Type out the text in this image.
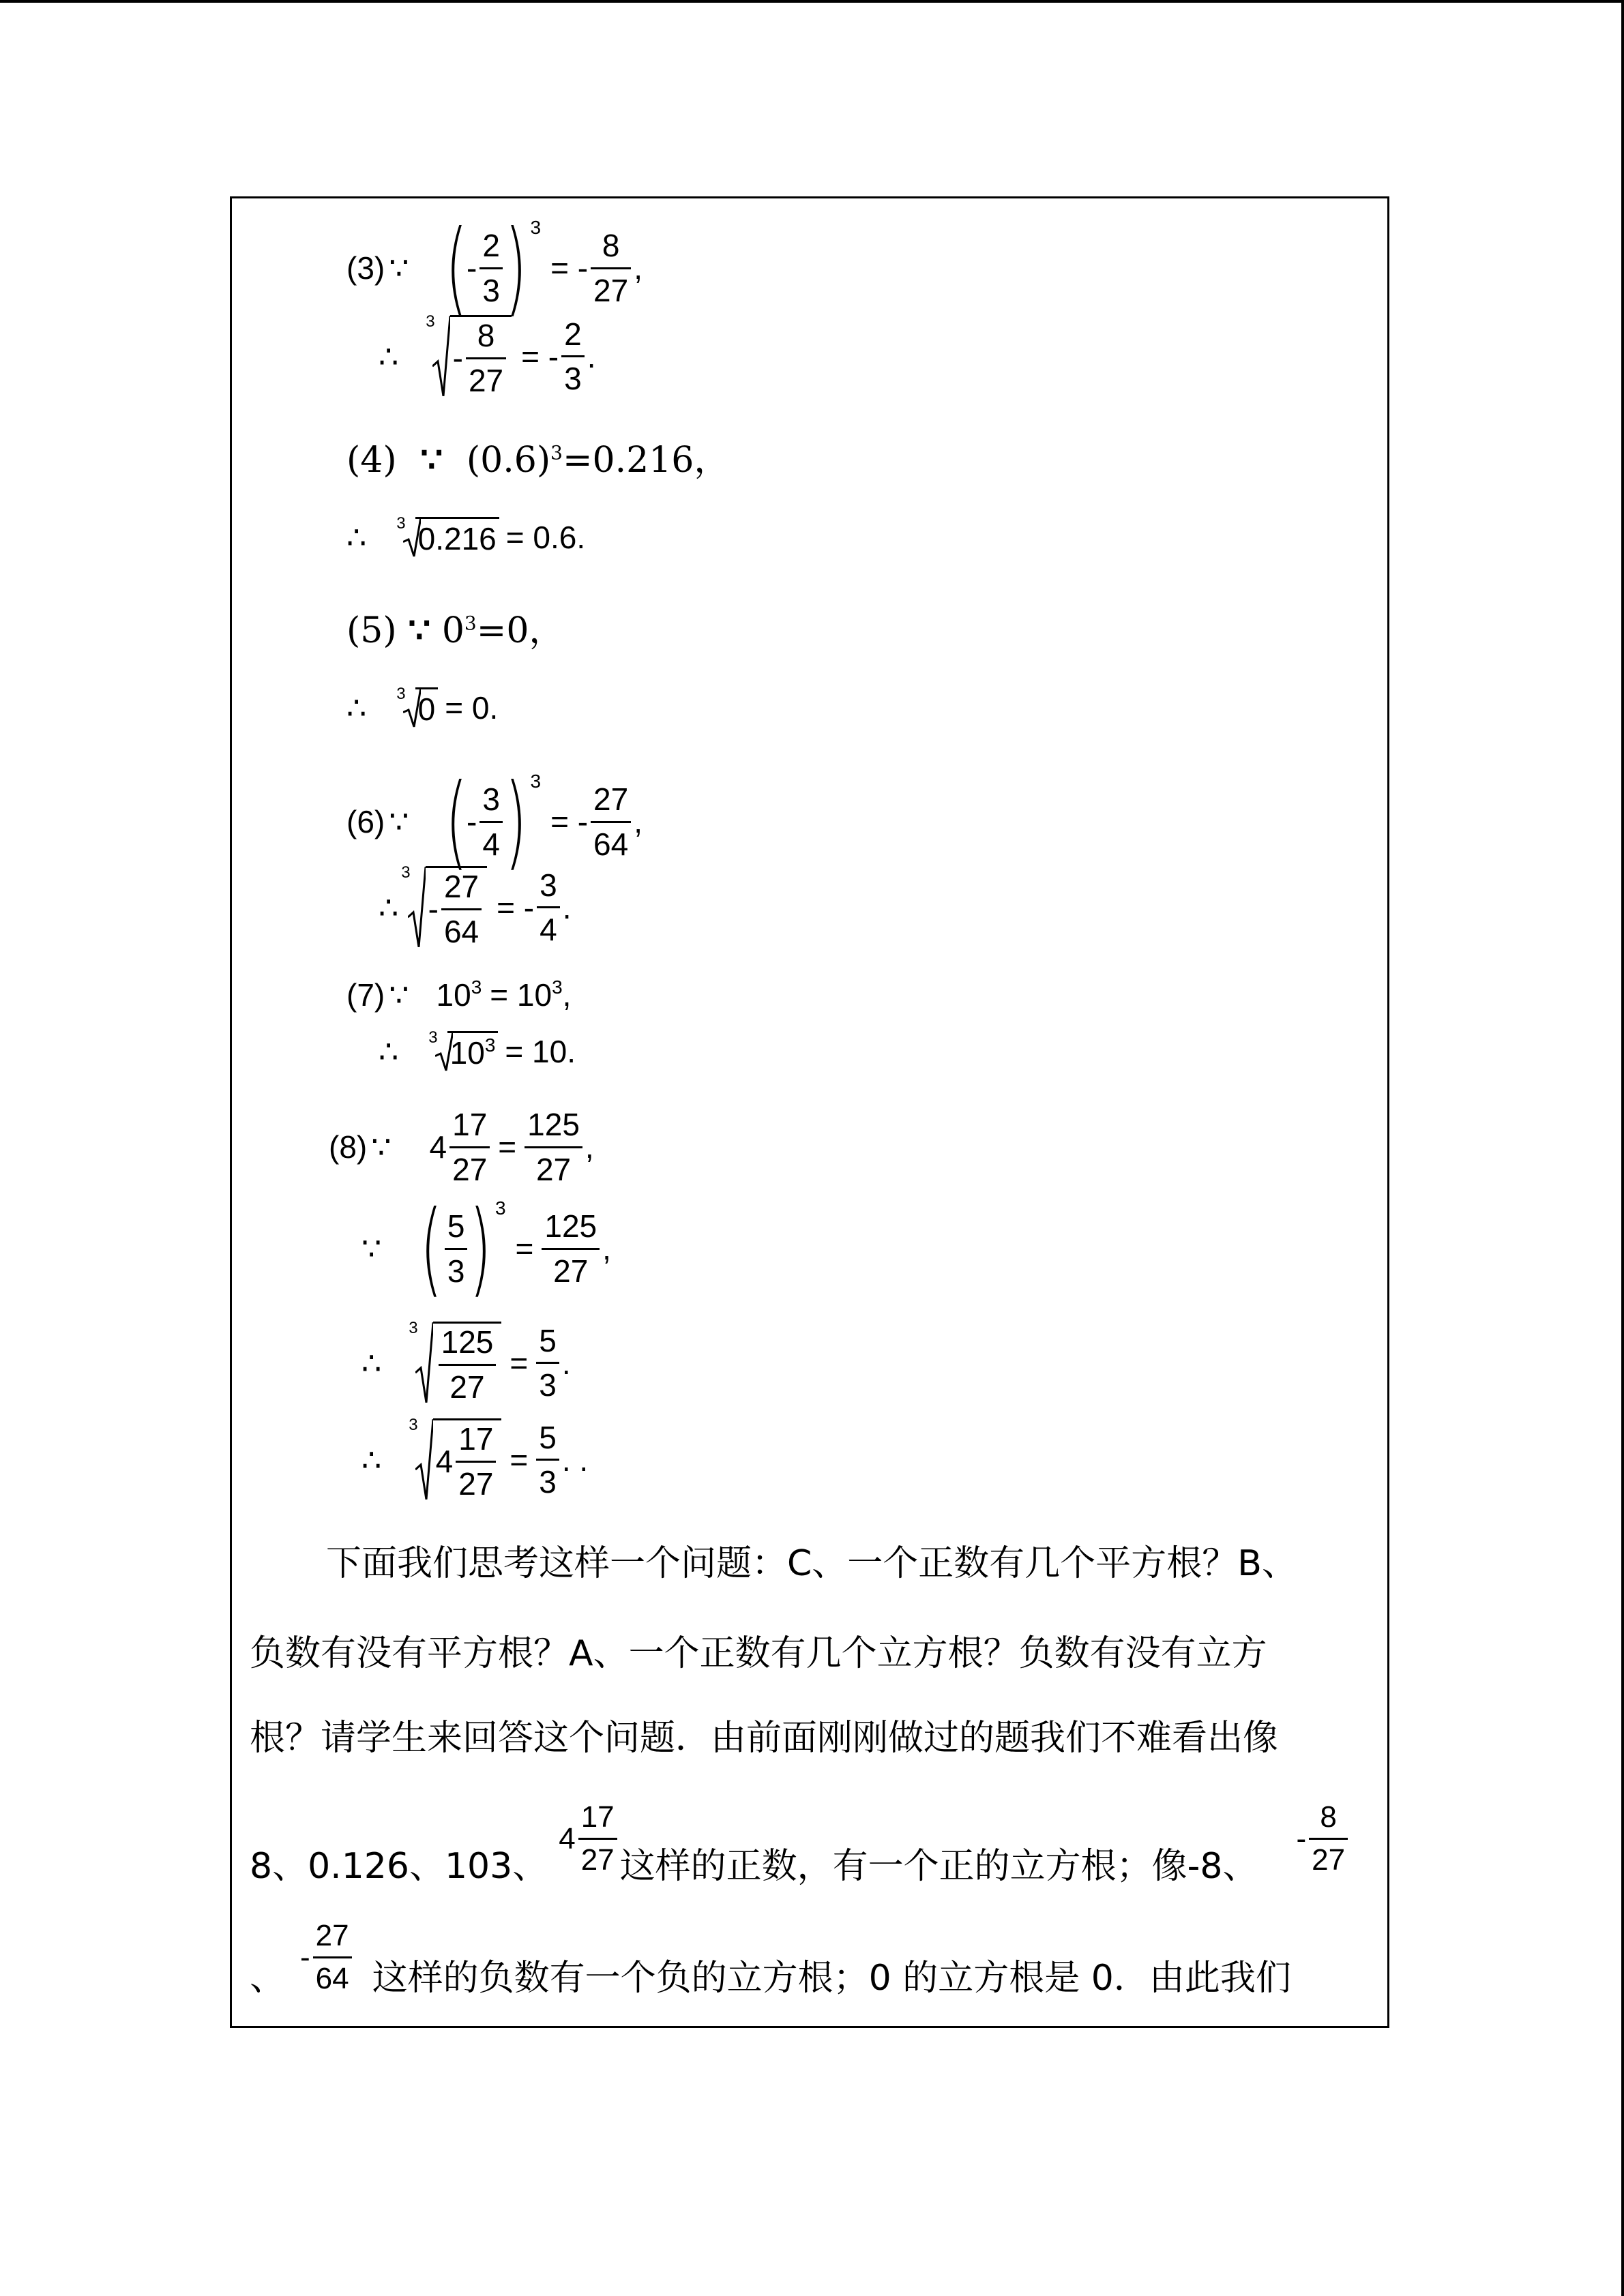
(3) ∵ ( - $\frac{2}{3}$ ) 3
= - $\frac{8}{27}$ ,
∴
3
- $\frac{8}{27}$ = - $\frac{2}{3}$ .
(4) ∵ $(0.6)^3=0.216$，
∴ 3 0.216 = 0.6.
(5) ∵ $0^3=0$，
∴ 3 0 = 0.
(6) ∵ ( - $\frac{3}{4}$ ) 3
= - $\frac{27}{64}$ ,
∴
3
- $\frac{27}{64}$ = - $\frac{3}{4}$ .
(7) ∵ 10 3 = 10 3 ,
∴ 3 10 3 = 10.
(8) ∵ $4 \frac{17}{27} = \frac{125}{27}$ ,
∵ ( $\frac{5}{3}$ ) 3
= $\frac{125}{27}$ ,
∴
$3 \frac{125}{27} = \frac{5}{3}$ .
∴
3
$4 \frac{17}{27} = \frac{5}{3}$ . .
下面我们思考这样一个问题：C、一个正数有几个平方根？B、
负数有没有平方根？A、一个正数有几个立方根？负数有没有立方
根？请学生来回答这个问题．由前面刚刚做过的题我们不难看出像
8、0.126、103、
$4 \frac{17}{27}$ 这样的正数，有一个正的立方根；像-8、
- $\frac{8}{27}$
、
- $\frac{27}{64}$ 这样的负数有一个负的立方根；0 的立方根是 0．由此我们
